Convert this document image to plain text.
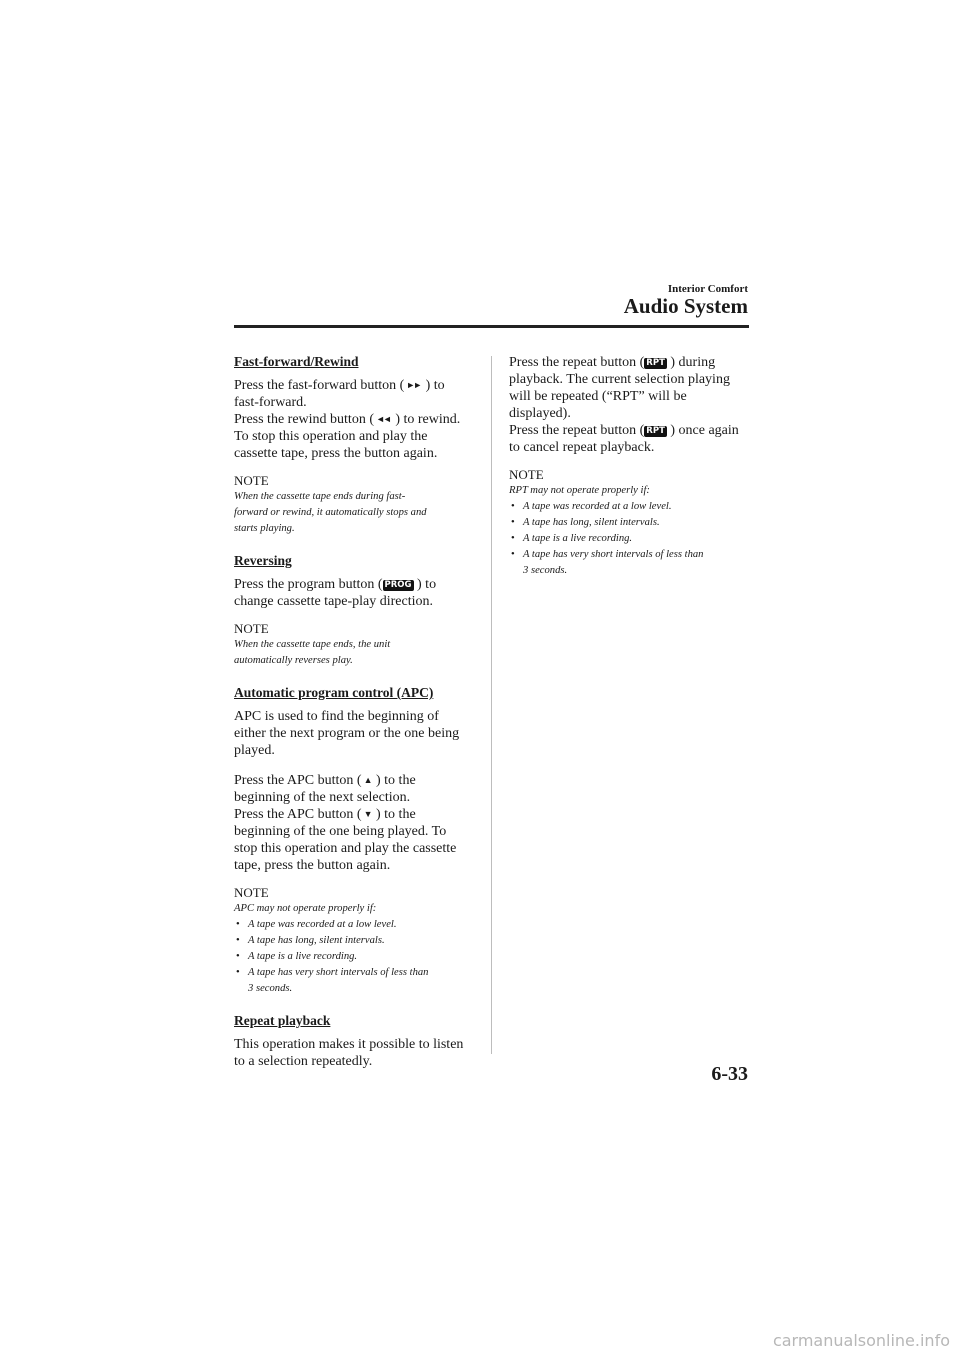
Interior Comfort
Audio System
Fast-forward/Rewind

Press the fast-forward button ( ►► ) to
fast-forward.
Press the rewind button ( ◄◄ ) to rewind.
To stop this operation and play the
cassette tape, press the button again.

NOTE

When the cassette tape ends during fast-
forward or rewind, it automatically stops and
starts playing.

Reversing

Press the program button ( PROG ) to
change cassette tape-play direction.

NOTE

When the cassette tape ends, the unit
automatically reverses play.

Automatic program control (APC)

APC is used to find the beginning of
either the next program or the one being
played.

Press the APC button ( ▲ ) to the
beginning of the next selection.
Press the APC button ( ▼ ) to the
beginning of the one being played. To
stop this operation and play the cassette
tape, press the button again.

NOTE

APC may not operate properly if:

• A tape was recorded at a low level.
• A tape has long, silent intervals.
• A tape is a live recording.
• A tape has very short intervals of less than
3 seconds.
Repeat playback

This operation makes it possible to listen
to a selection repeatedly.

Press the repeat button ( RPT ) during
playback. The current selection playing
will be repeated (“RPT” will be
displayed).
Press the repeat button ( RPT ) once again
to cancel repeat playback.

NOTE

RPT may not operate properly if:

• A tape was recorded at a low level.
• A tape has long, silent intervals.
• A tape is a live recording.
• A tape has very short intervals of less than
3 seconds.
6-33
carmanualsonline.info
